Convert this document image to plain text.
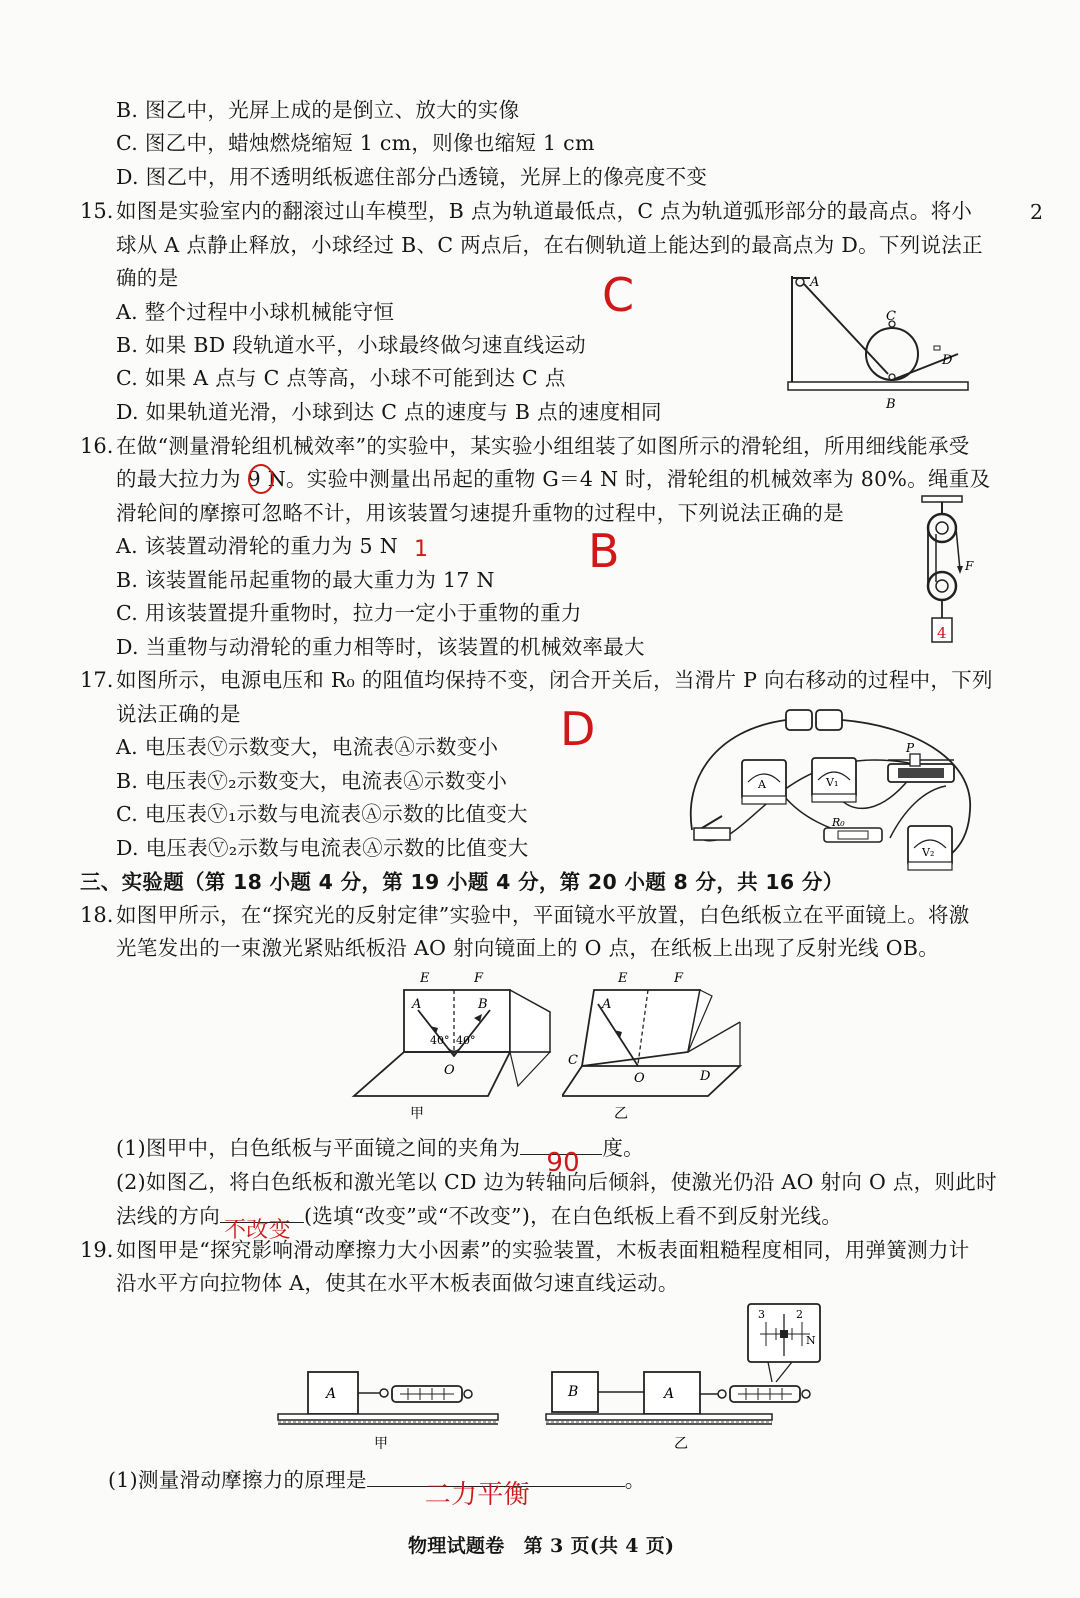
B. 图乙中，光屏上成的是倒立、放大的实像
C. 图乙中，蜡烛燃烧缩短 1 cm，则像也缩短 1 cm
D. 图乙中，用不透明纸板遮住部分凸透镜，光屏上的像亮度不变
2
15. 如图是实验室内的翻滚过山车模型，B 点为轨道最低点，C 点为轨道弧形部分的最高点。将小
球从 A 点静止释放，小球经过 B、C 两点后，在右侧轨道上能达到的最高点为 D。下列说法正
确的是
A. 整个过程中小球机械能守恒
B. 如果 BD 段轨道水平，小球最终做匀速直线运动
C. 如果 A 点与 C 点等高，小球不可能到达 C 点
D. 如果轨道光滑，小球到达 C 点的速度与 B 点的速度相同
C	A
C
B
D
16. 在做“测量滑轮组机械效率”的实验中，某实验小组组装了如图所示的滑轮组，所用细线能承受
的最大拉力为 9 N。实验中测量出吊起的重物 G＝4 N 时，滑轮组的机械效率为 80%。绳重及
滑轮间的摩擦可忽略不计，用该装置匀速提升重物的过程中，下列说法正确的是
A. 该装置动滑轮的重力为 5 N
B. 该装置能吊起重物的最大重力为 17 N
C. 用该装置提升重物时，拉力一定小于重物的重力
D. 当重物与动滑轮的重力相等时，该装置的机械效率最大
B
1
F
4
17. 如图所示，电源电压和 R₀ 的阻值均保持不变，闭合开关后，当滑片 P 向右移动的过程中，下列
说法正确的是
A. 电压表Ⓥ示数变大，电流表Ⓐ示数变小
B. 电压表Ⓥ₂示数变大，电流表Ⓐ示数变小
C. 电压表Ⓥ₁示数与电流表Ⓐ示数的比值变大
D. 电压表Ⓥ₂示数与电流表Ⓐ示数的比值变大
D
A	V₁
P
R₀
V₂
三、实验题（第 18 小题 4 分，第 19 小题 4 分，第 20 小题 8 分，共 16 分）
18. 如图甲所示，在“探究光的反射定律”实验中，平面镜水平放置，白色纸板立在平面镜上。将激
光笔发出的一束激光紧贴纸板沿 AO 射向镜面上的 O 点，在纸板上出现了反射光线 OB。
E	F
A	B
40° 40°
O
甲
E	F
A
C
O	D
乙
(1)图甲中，白色纸板与平面镜之间的夹角为 90 度。
(2)如图乙，将白色纸板和激光笔以 CD 边为转轴向后倾斜，使激光仍沿 AO 射向 O 点，则此时
法线的方向
不改变
(选填“改变”或“不改变”)，在白色纸板上看不到反射光线。
19. 如图甲是“探究影响滑动摩擦力大小因素”的实验装置，木板表面粗糙程度相同，用弹簧测力计
沿水平方向拉物体 A，使其在水平木板表面做匀速直线运动。
A
甲
3	2
N
B	A
乙
(1)测量滑动摩擦力的原理是 二力平衡	。
物理试题卷　第 3 页(共 4 页)
